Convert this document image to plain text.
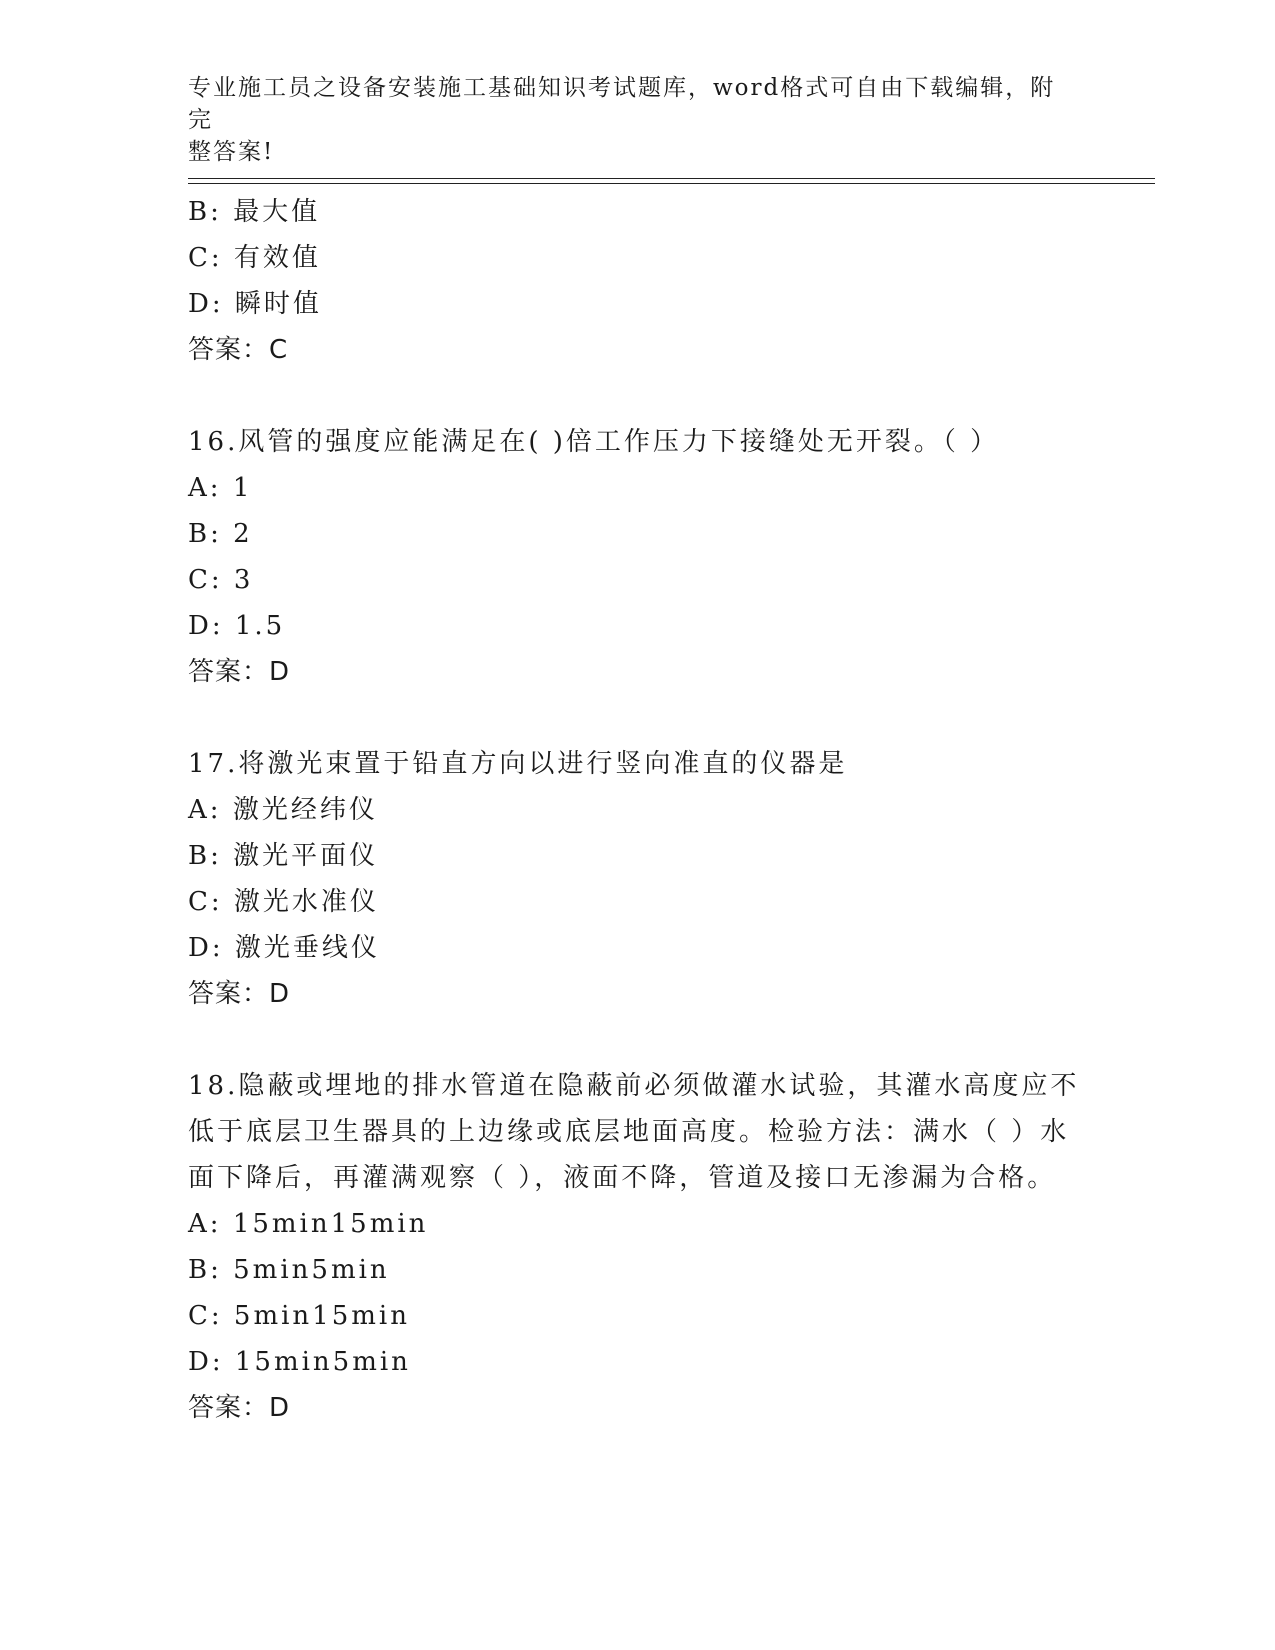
专业施工员之设备安装施工基础知识考试题库，word格式可自由下载编辑，附完
整答案!
B: 最大值
C: 有效值
D: 瞬时值
答案：C
16.风管的强度应能满足在( )倍工作压力下接缝处无开裂。（ ）
A: 1
B: 2
C: 3
D: 1.5
答案：D
17.将激光束置于铅直方向以进行竖向准直的仪器是
A: 激光经纬仪
B: 激光平面仪
C: 激光水准仪
D: 激光垂线仪
答案：D
18.隐蔽或埋地的排水管道在隐蔽前必须做灌水试验，其灌水高度应不
低于底层卫生器具的上边缘或底层地面高度。检验方法：满水（ ）水
面下降后，再灌满观察（ ），液面不降，管道及接口无渗漏为合格。
A: 15min15min
B: 5min5min
C: 5min15min
D: 15min5min
答案：D
